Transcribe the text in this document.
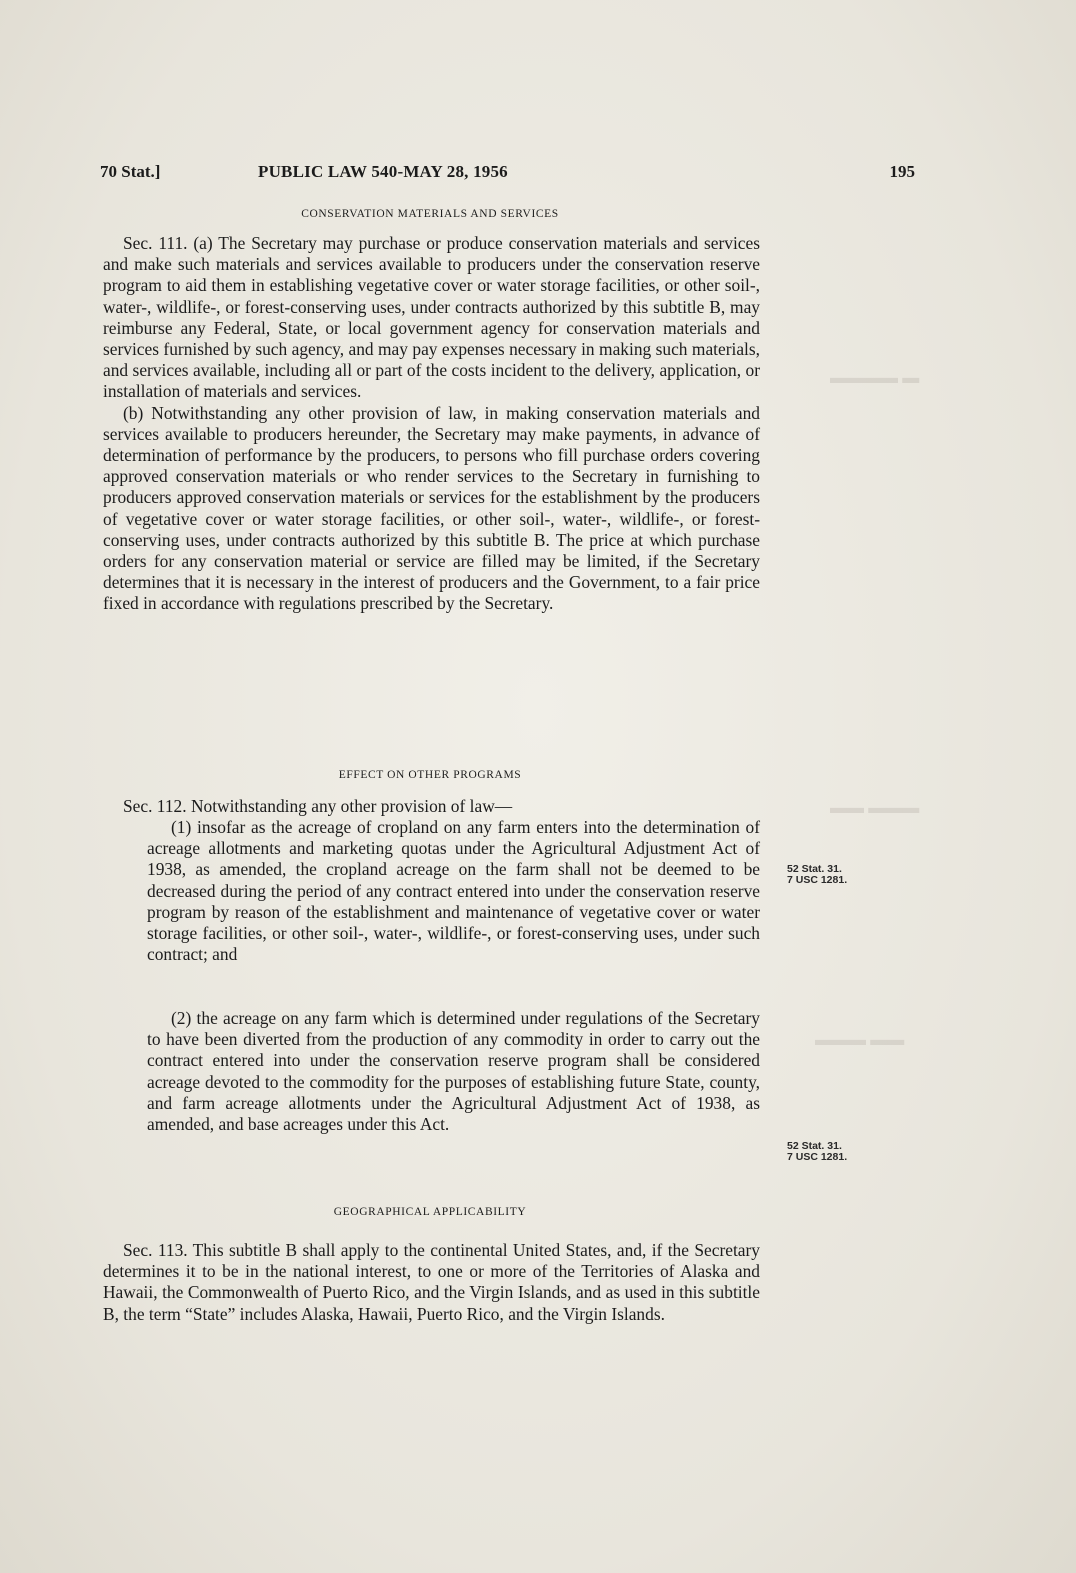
▬ ▬▬▬▬
▬▬▬ ▬▬
▬▬ ▬▬▬
70 Stat.]	PUBLIC LAW 540-MAY 28, 1956	195
CONSERVATION MATERIALS AND SERVICES

Sec. 111. (a) The Secretary may purchase or produce conservation materials and services and make such materials and services available to producers under the conservation reserve program to aid them in establishing vegetative cover or water storage facilities, or other soil-, water-, wildlife-, or forest-conserving uses, under contracts authorized by this subtitle B, may reimburse any Federal, State, or local government agency for conservation materials and services furnished by such agency, and may pay expenses necessary in making such materials, and services available, including all or part of the costs incident to the delivery, application, or installation of materials and services.

(b) Notwithstanding any other provision of law, in making conservation materials and services available to producers hereunder, the Secretary may make payments, in advance of determination of performance by the producers, to persons who fill purchase orders covering approved conservation materials or who render services to the Secretary in furnishing to producers approved conservation materials or services for the establishment by the producers of vegetative cover or water storage facilities, or other soil-, water-, wildlife-, or forest-conserving uses, under contracts authorized by this subtitle B. The price at which purchase orders for any conservation material or service are filled may be limited, if the Secretary determines that it is necessary in the interest of producers and the Government, to a fair price fixed in accordance with regulations prescribed by the Secretary.

EFFECT ON OTHER PROGRAMS

Sec. 112. Notwithstanding any other provision of law—

(1) insofar as the acreage of cropland on any farm enters into the determination of acreage allotments and marketing quotas under the Agricultural Adjustment Act of 1938, as amended, the cropland acreage on the farm shall not be deemed to be decreased during the period of any contract entered into under the conservation reserve program by reason of the establishment and maintenance of vegetative cover or water storage facilities, or other soil-, water-, wildlife-, or forest-conserving uses, under such contract; and

(2) the acreage on any farm which is determined under regulations of the Secretary to have been diverted from the production of any commodity in order to carry out the contract entered into under the conservation reserve program shall be considered acreage devoted to the commodity for the purposes of establishing future State, county, and farm acreage allotments under the Agricultural Adjustment Act of 1938, as amended, and base acreages under this Act.

GEOGRAPHICAL APPLICABILITY

Sec. 113. This subtitle B shall apply to the continental United States, and, if the Secretary determines it to be in the national interest, to one or more of the Territories of Alaska and Hawaii, the Commonwealth of Puerto Rico, and the Virgin Islands, and as used in this subtitle B, the term “State” includes Alaska, Hawaii, Puerto Rico, and the Virgin Islands.

52 Stat. 31.
7 USC 1281.
52 Stat. 31.
7 USC 1281.
